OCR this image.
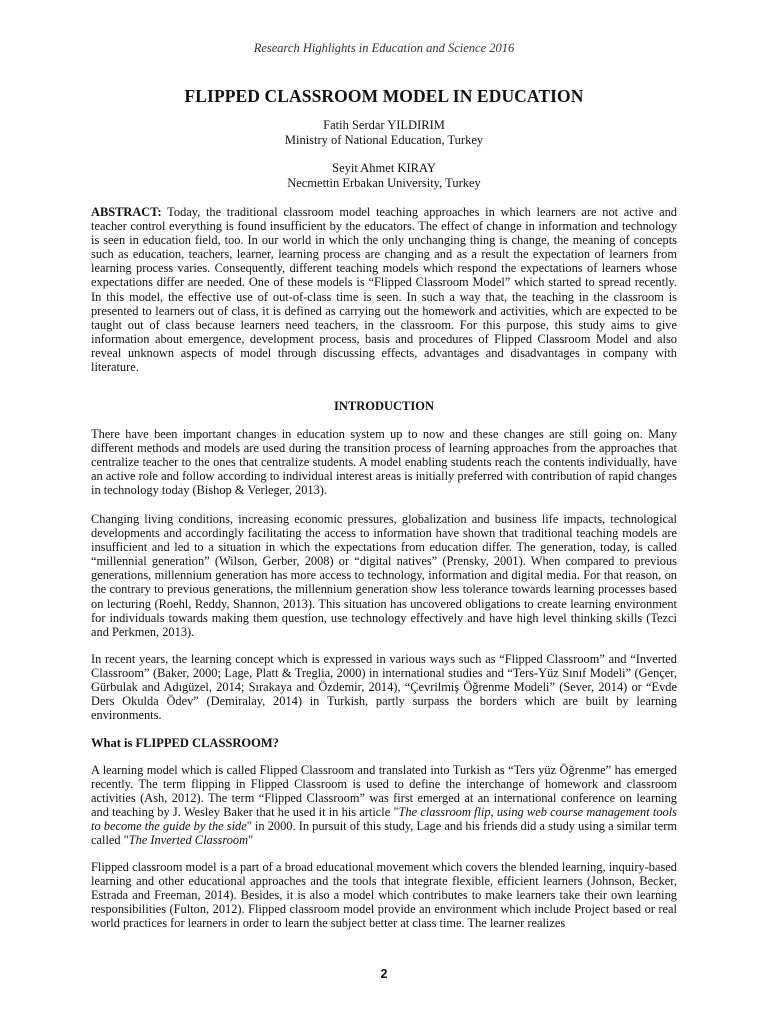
Research Highlights in Education and Science 2016
FLIPPED CLASSROOM MODEL IN EDUCATION
Fatih Serdar YILDIRIM
Ministry of National Education, Turkey
Seyit Ahmet KIRAY
Necmettin Erbakan University, Turkey

ABSTRACT: Today, the traditional classroom model teaching approaches in which learners are not active and teacher control everything is found insufficient by the educators. The effect of change in information and technology is seen in education field, too. In our world in which the only unchanging thing is change, the meaning of concepts such as education, teachers, learner, learning process are changing and as a result the expectation of learners from learning process varies. Consequently, different teaching models which respond the expectations of learners whose expectations differ are needed. One of these models is “Flipped Classroom Model” which started to spread recently. In this model, the effective use of out-of-class time is seen. In such a way that, the teaching in the classroom is presented to learners out of class, it is defined as carrying out the homework and activities, which are expected to be taught out of class because learners need teachers, in the classroom. For this purpose, this study aims to give information about emergence, development process, basis and procedures of Flipped Classroom Model and also reveal unknown aspects of model through discussing effects, advantages and disadvantages in company with literature.

INTRODUCTION

There have been important changes in education system up to now and these changes are still going on. Many different methods and models are used during the transition process of learning approaches from the approaches that centralize teacher to the ones that centralize students. A model enabling students reach the contents individually, have an active role and follow according to individual interest areas is initially preferred with contribution of rapid changes in technology today (Bishop & Verleger, 2013).

Changing living conditions, increasing economic pressures, globalization and business life impacts, technological developments and accordingly facilitating the access to information have shown that traditional teaching models are insufficient and led to a situation in which the expectations from education differ. The generation, today, is called “millennial generation” (Wilson, Gerber, 2008) or “digital natives” (Prensky, 2001). When compared to previous generations, millennium generation has more access to technology, information and digital media. For that reason, on the contrary to previous generations, the millennium generation show less tolerance towards learning processes based on lecturing (Roehl, Reddy, Shannon, 2013). This situation has uncovered obligations to create learning environment for individuals towards making them question, use technology effectively and have high level thinking skills (Tezci and Perkmen, 2013).

In recent years, the learning concept which is expressed in various ways such as “Flipped Classroom” and “Inverted Classroom” (Baker, 2000; Lage, Platt & Treglia, 2000) in international studies and “Ters-Yüz Sınıf Modeli” (Gençer, Gürbulak and Adıgüzel, 2014; Sırakaya and Özdemir, 2014), “Çevrilmiş Öğrenme Modeli” (Sever, 2014) or “Evde Ders Okulda Ödev” (Demiralay, 2014) in Turkish, partly surpass the borders which are built by learning environments.

What is FLIPPED CLASSROOM?

A learning model which is called Flipped Classroom and translated into Turkish as “Ters yüz Öğrenme” has emerged recently. The term flipping in Flipped Classroom is used to define the interchange of homework and classroom activities (Ash, 2012). The term “Flipped Classroom” was first emerged at an international conference on learning and teaching by J. Wesley Baker that he used it in his article "The classroom flip, using web course management tools to become the guide by the side" in 2000. In pursuit of this study, Lage and his friends did a study using a similar term called "The Inverted Classroom"

Flipped classroom model is a part of a broad educational movement which covers the blended learning, inquiry-based learning and other educational approaches and the tools that integrate flexible, efficient learners (Johnson, Becker, Estrada and Freeman, 2014). Besides, it is also a model which contributes to make learners take their own learning responsibilities (Fulton, 2012). Flipped classroom model provide an environment which include Project based or real world practices for learners in order to learn the subject better at class time. The learner realizes

2
